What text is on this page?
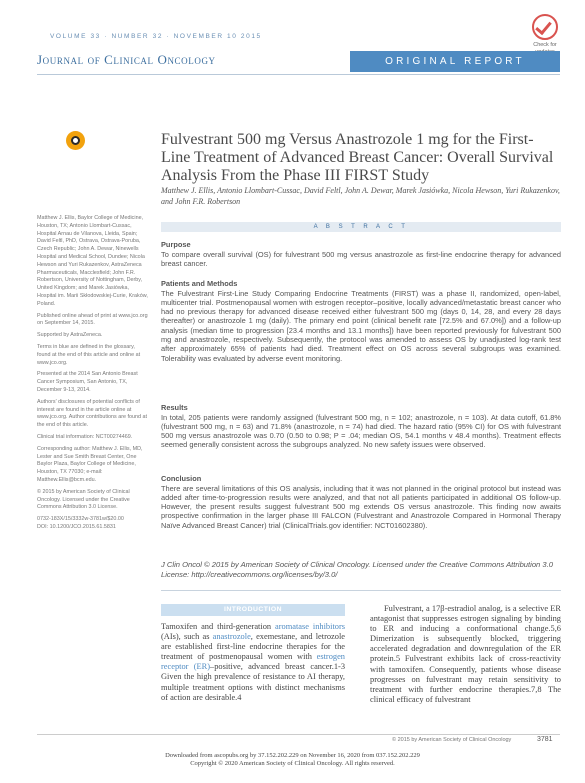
VOLUME 33 · NUMBER 32 · NOVEMBER 10 2015
Check for
Journal of Clinical Oncology	ORIGINAL REPORT
Fulvestrant 500 mg Versus Anastrozole 1 mg for the First-Line Treatment of Advanced Breast Cancer: Overall Survival Analysis From the Phase III FIRST Study
Matthew J. Ellis, Antonio Llombart-Cussac, David Feltl, John A. Dewar, Marek Jasiówka, Nicola Hewson, Yuri Rukazenkov, and John F.R. Robertson
A B S T R A C T
Purpose

To compare overall survival (OS) for fulvestrant 500 mg versus anastrozole as first-line endocrine therapy for advanced breast cancer.

Patients and Methods

The Fulvestrant First-Line Study Comparing Endocrine Treatments (FIRST) was a phase II, randomized, open-label, multicenter trial. Postmenopausal women with estrogen receptor–positive, locally advanced/metastatic breast cancer who had no previous therapy for advanced disease received either fulvestrant 500 mg (days 0, 14, 28, and every 28 days thereafter) or anastrozole 1 mg (daily). The primary end point (clinical benefit rate [72.5% and 67.0%]) and a follow-up analysis (median time to progression [23.4 months and 13.1 months]) have been reported previously for fulvestrant 500 mg and anastrozole, respectively. Subsequently, the protocol was amended to assess OS by unadjusted log-rank test after approximately 65% of patients had died. Treatment effect on OS across several subgroups was examined. Tolerability was evaluated by adverse event monitoring.

Results

In total, 205 patients were randomly assigned (fulvestrant 500 mg, n = 102; anastrozole, n = 103). At data cutoff, 61.8% (fulvestrant 500 mg, n = 63) and 71.8% (anastrozole, n = 74) had died. The hazard ratio (95% CI) for OS with fulvestrant 500 mg versus anastrozole was 0.70 (0.50 to 0.98; P = .04; median OS, 54.1 months v 48.4 months). Treatment effects seemed generally consistent across the subgroups analyzed. No new safety issues were observed.

Conclusion

There are several limitations of this OS analysis, including that it was not planned in the original protocol but instead was added after time-to-progression results were analyzed, and that not all patients participated in additional OS follow-up. However, the present results suggest fulvestrant 500 mg extends OS versus anastrozole. This finding now awaits prospective confirmation in the larger phase III FALCON (Fulvestrant and Anastrozole Compared in Hormonal Therapy Naïve Advanced Breast Cancer) trial (ClinicalTrials.gov identifier: NCT01602380).

J Clin Oncol © 2015 by American Society of Clinical Oncology. Licensed under the Creative Commons Attribution 3.0 License: http://creativecommons.org/licenses/by/3.0/

Matthew J. Ellis, Baylor College of Medicine, Houston, TX; Antonio Llombart-Cussac, Hospital Arnau de Vilanova, Lleida, Spain; David Feltl, PhD, Ostrava, Ostrava-Poruba, Czech Republic; John A. Dewar, Ninewells Hospital and Medical School, Dundee; Nicola Hewson and Yuri Rukazenkov, AstraZeneca Pharmaceuticals, Macclesfield; John F.R. Robertson, University of Nottingham, Derby, United Kingdom; and Marek Jasiówka, Hospital im. Marii Skłodowskiej-Curie, Kraków, Poland.

Published online ahead of print at www.jco.org on September 14, 2015.

Supported by AstraZeneca.

Terms in blue are defined in the glossary, found at the end of this article and online at www.jco.org.

Presented at the 2014 San Antonio Breast Cancer Symposium, San Antonio, TX, December 9-13, 2014.

Authors' disclosures of potential conflicts of interest are found in the article online at www.jco.org. Author contributions are found at the end of this article.

Clinical trial information: NCT00274469.

Corresponding author: Matthew J. Ellis, MD, Lester and Sue Smith Breast Center, One Baylor Plaza, Baylor College of Medicine, Houston, TX 77030; e-mail: Matthew.Ellis@bcm.edu.

© 2015 by American Society of Clinical Oncology. Licensed under the Creative Commons Attribution 3.0 License.

0732-183X/15/3332w-3781w/$20.00

DOI: 10.1200/JCO.2015.61.5831

INTRODUCTION
Tamoxifen and third-generation aromatase inhibitors (AIs), such as anastrozole, exemestane, and letrozole are established first-line endocrine therapies for the treatment of postmenopausal women with estrogen receptor (ER)–positive, advanced breast cancer.1-3 Given the high prevalence of resistance to AI therapy, multiple treatment options with distinct mechanisms of action are desirable.4
Fulvestrant, a 17β-estradiol analog, is a selective ER antagonist that suppresses estrogen signaling by binding to ER and inducing a conformational change.5,6 Dimerization is subsequently blocked, triggering accelerated degradation and downregulation of the ER protein.5 Fulvestrant exhibits lack of cross-reactivity with tamoxifen. Consequently, patients whose disease progresses on fulvestrant may retain sensitivity to treatment with further endocrine therapies.7,8 The clinical efficacy of fulvestrant
© 2015 by American Society of Clinical Oncology	3781
Downloaded from ascopubs.org by 37.152.202.229 on November 16, 2020 from 037.152.202.229
Copyright © 2020 American Society of Clinical Oncology. All rights reserved.
